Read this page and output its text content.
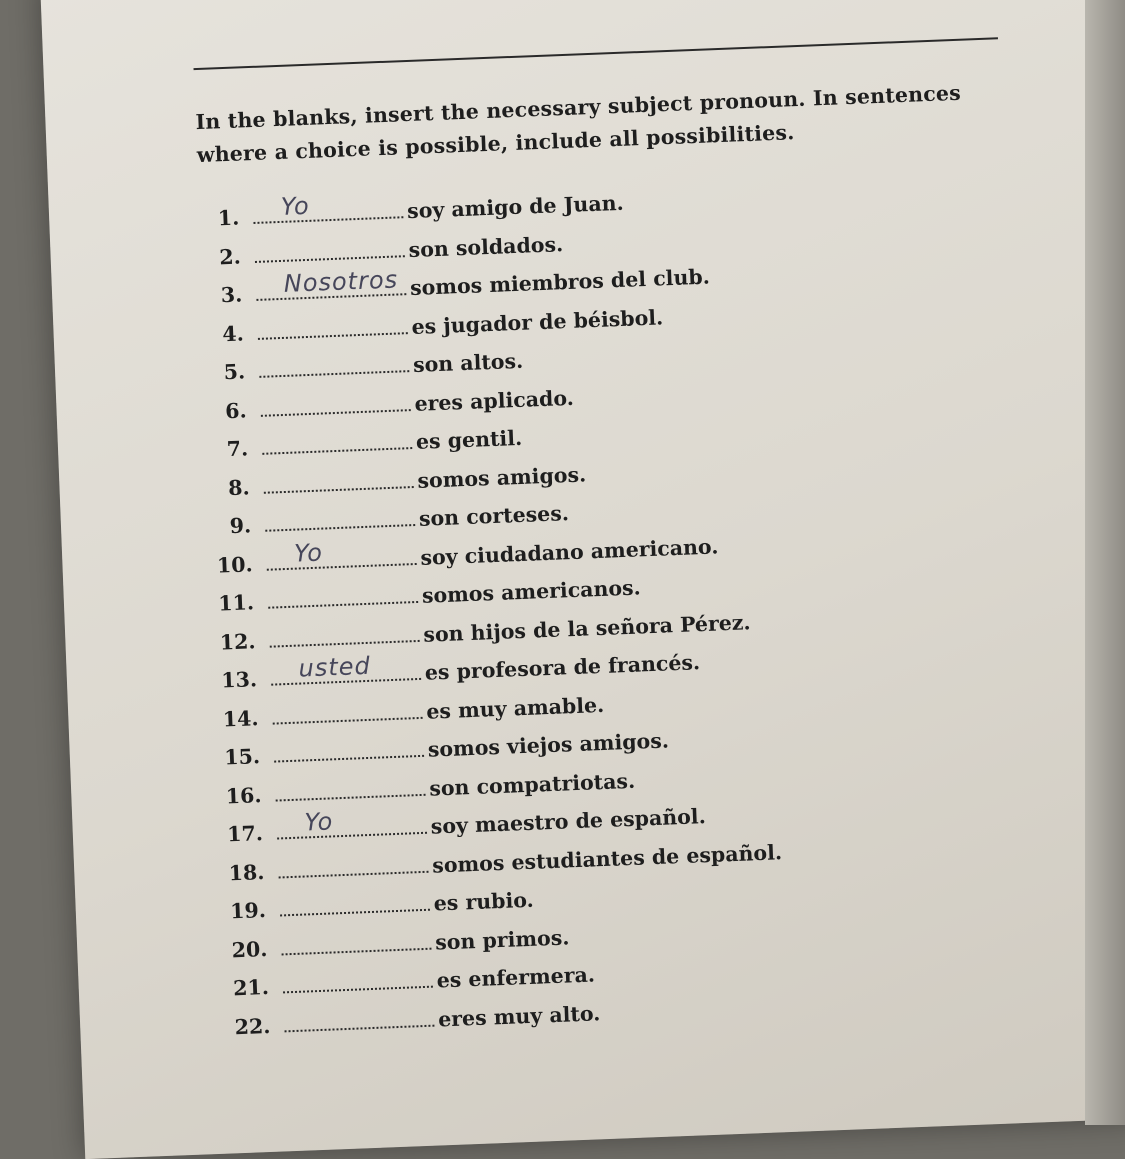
In the blanks, insert the necessary subject pronoun. In sentences where a choice is possible, include all possibilities.
1.	Yo	soy amigo de Juan.
2.	son soldados.
3.	Nosotros somos miembros del club.
4.	es jugador de béisbol.
5.	son altos.
6.	eres aplicado.
7.	es gentil.
8.	somos amigos.
9.	son corteses.
10.	Yo	soy ciudadano americano.
11.	somos americanos.
12.	son hijos de la señora Pérez.
13.	usted	es profesora de francés.
14.	es muy amable.
15.	somos viejos amigos.
16.	son compatriotas.
17.	Yo	soy maestro de español.
18.	somos estudiantes de español.
19.	es rubio.
20.	son primos.
21.	es enfermera.
22.	eres muy alto.
